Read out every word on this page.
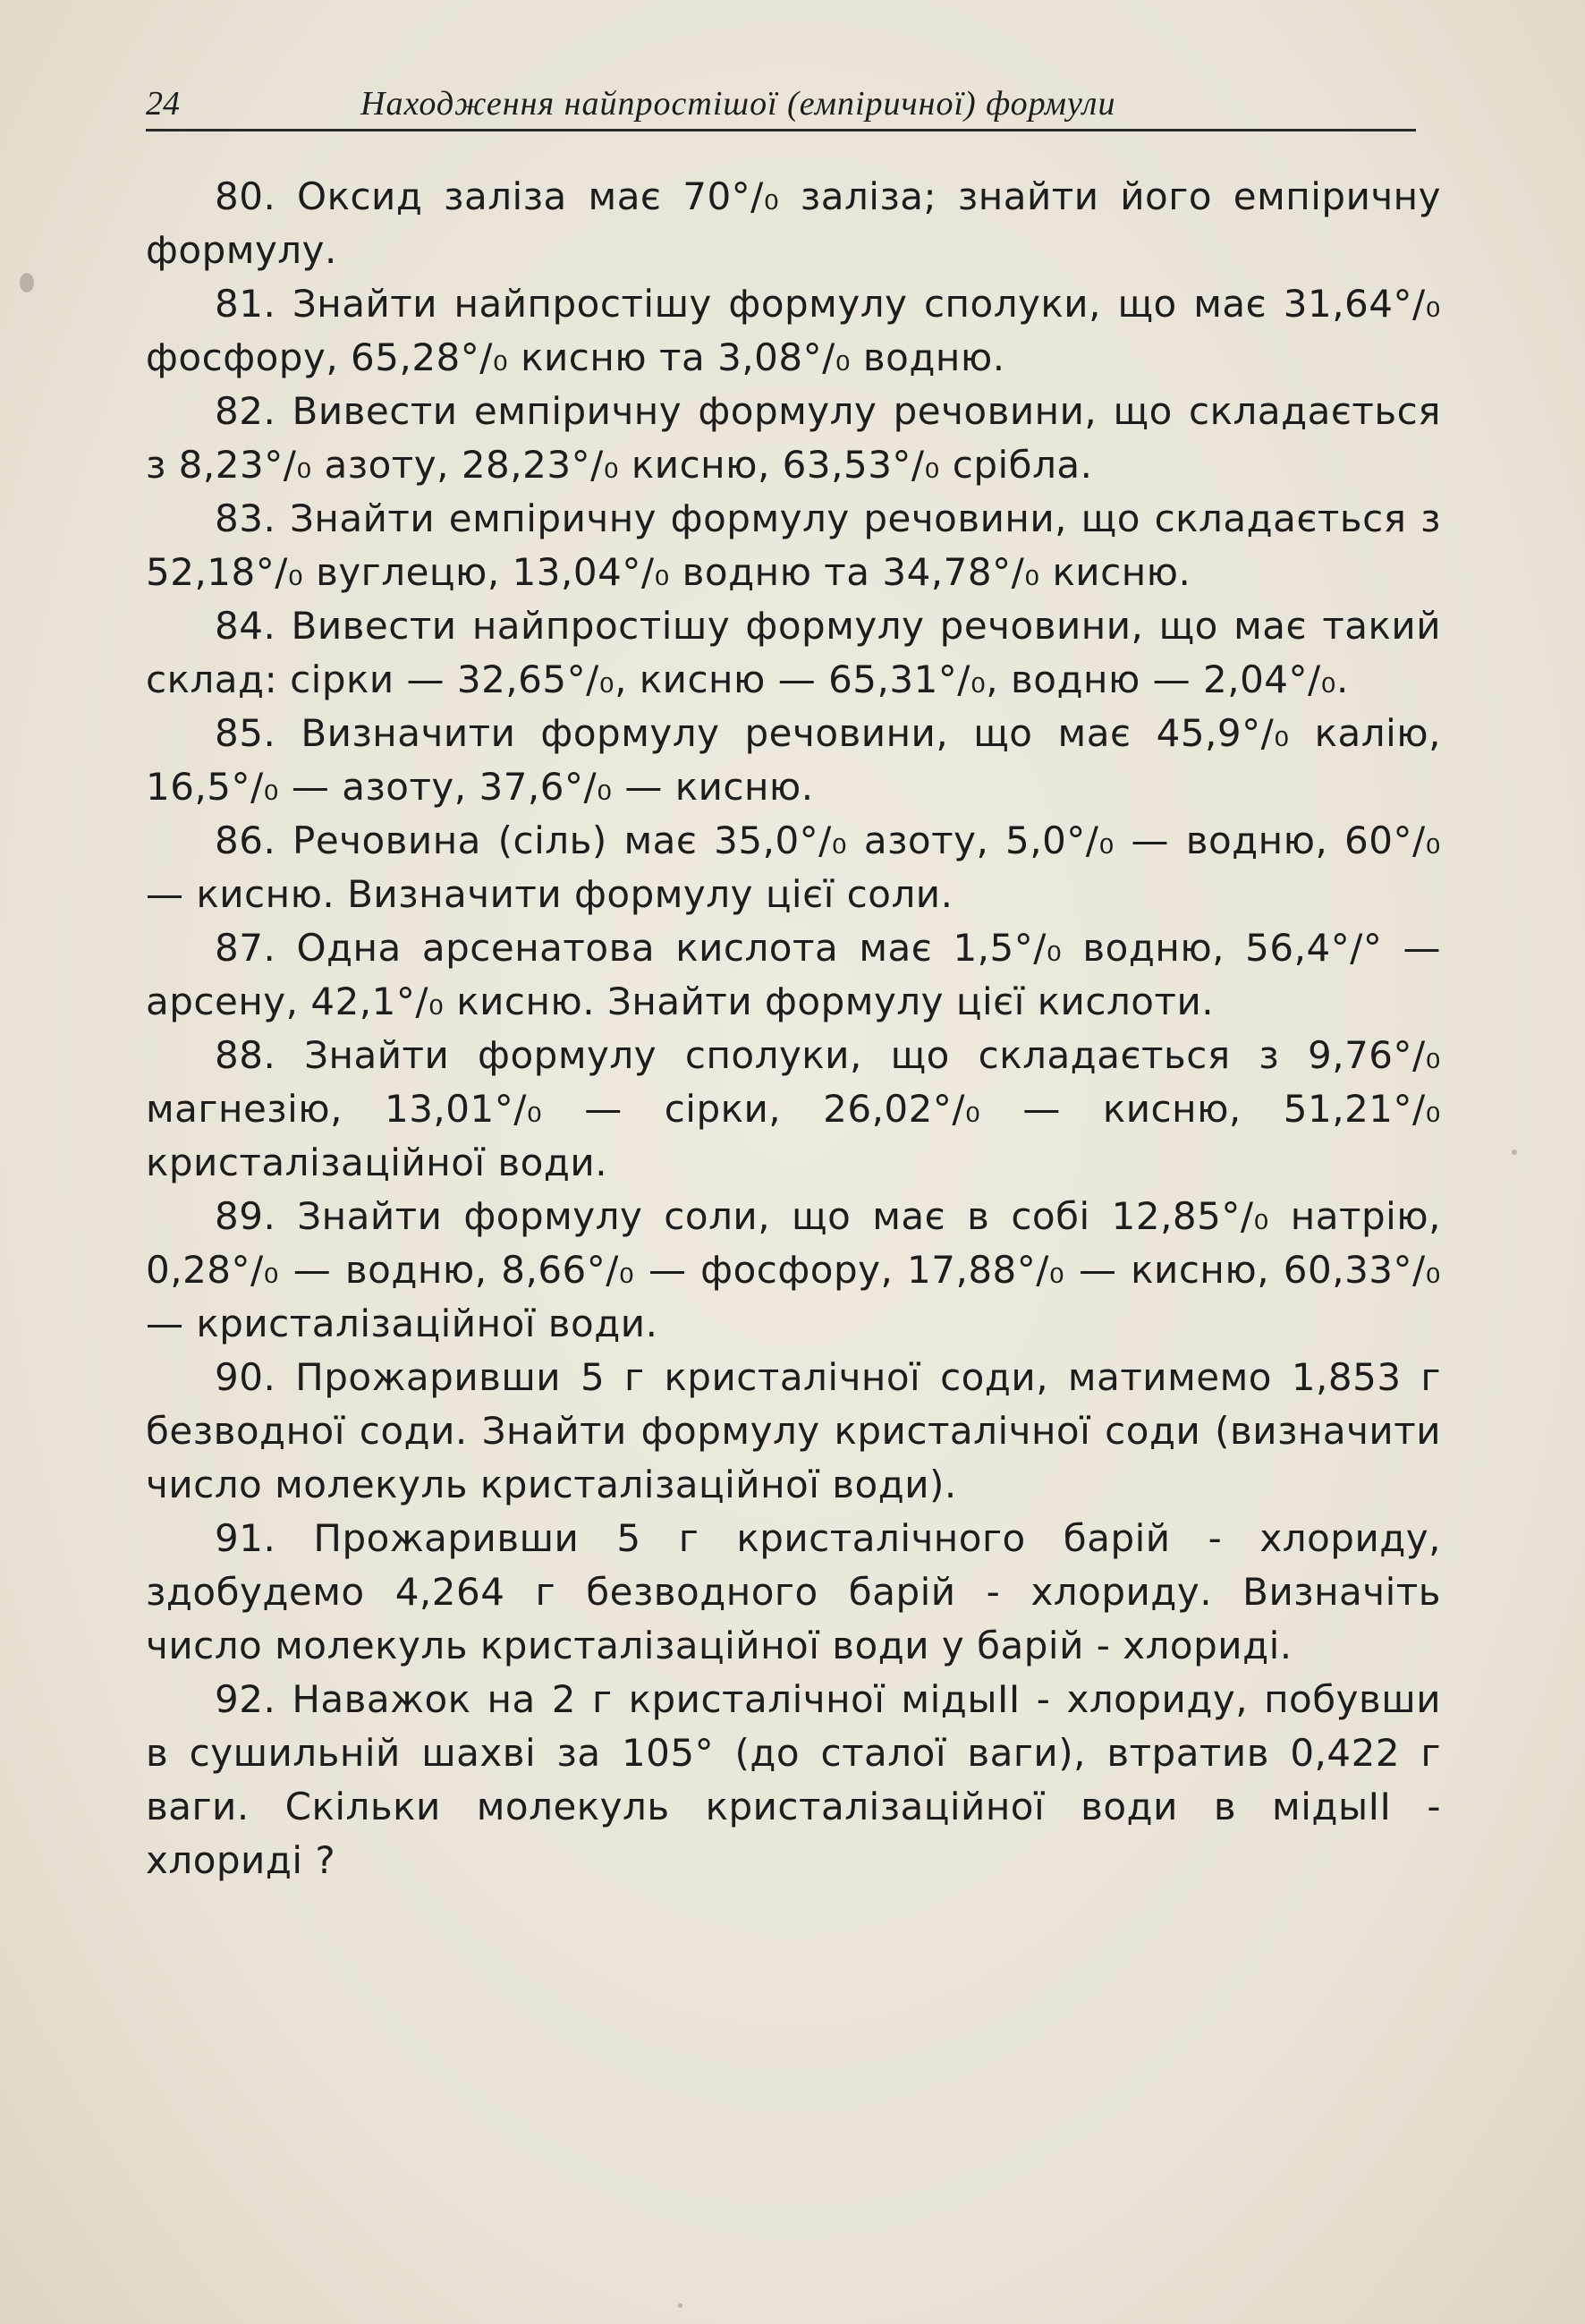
24	Находження найпростішої (емпіричної) формули

80. Оксид заліза має 70°/₀ заліза; знайти його емпіричну формулу.

81. Знайти найпростішу формулу сполуки, що має 31,64°/₀ фосфору, 65,28°/₀ кисню та 3,08°/₀ водню.

82. Вивести емпіричну формулу речовини, що складається з 8,23°/₀ азоту, 28,23°/₀ кисню, 63,53°/₀ срібла.

83. Знайти емпіричну формулу речовини, що складається з 52,18°/₀ вуглецю, 13,04°/₀ водню та 34,78°/₀ кисню.

84. Вивести найпростішу формулу речовини, що має такий склад: сірки — 32,65°/₀, кисню — 65,31°/₀, водню — 2,04°/₀.

85. Визначити формулу речовини, що має 45,9°/₀ калію, 16,5°/₀ — азоту, 37,6°/₀ — кисню.

86. Речовина (сіль) має 35,0°/₀ азоту, 5,0°/₀ — водню, 60°/₀ — кисню. Визначити формулу цієї соли.

87. Одна арсенатова кислота має 1,5°/₀ водню, 56,4°/° — арсену, 42,1°/₀ кисню. Знайти формулу цієї кислоти.

88. Знайти формулу сполуки, що складається з 9,76°/₀ магнезію, 13,01°/₀ — сірки, 26,02°/₀ — кисню, 51,21°/₀ кристалізаційної води.

89. Знайти формулу соли, що має в собі 12,85°/₀ натрію, 0,28°/₀ — водню, 8,66°/₀ — фосфору, 17,88°/₀ — кисню, 60,33°/₀— кристалізаційної води.

90. Прожаривши 5 г кристалічної соди, матимемо 1,853 г безводної соди. Знайти формулу кристалічної соди (визначити число молекуль кристалізаційної води).

91. Прожаривши 5 г кристалічного барій - хлориду, здобудемо 4,264 г безводного барій - хлориду. Визначіть число молекуль кристалізаційної води у барій - хлориді.

92. Наважок на 2 г кристалічної мідыІІ - хлориду, побувши в сушильній шахві за 105° (до сталої ваги), втратив 0,422 г ваги. Скільки молекуль кристалізаційної води в мідыІІ - хлориді ?
